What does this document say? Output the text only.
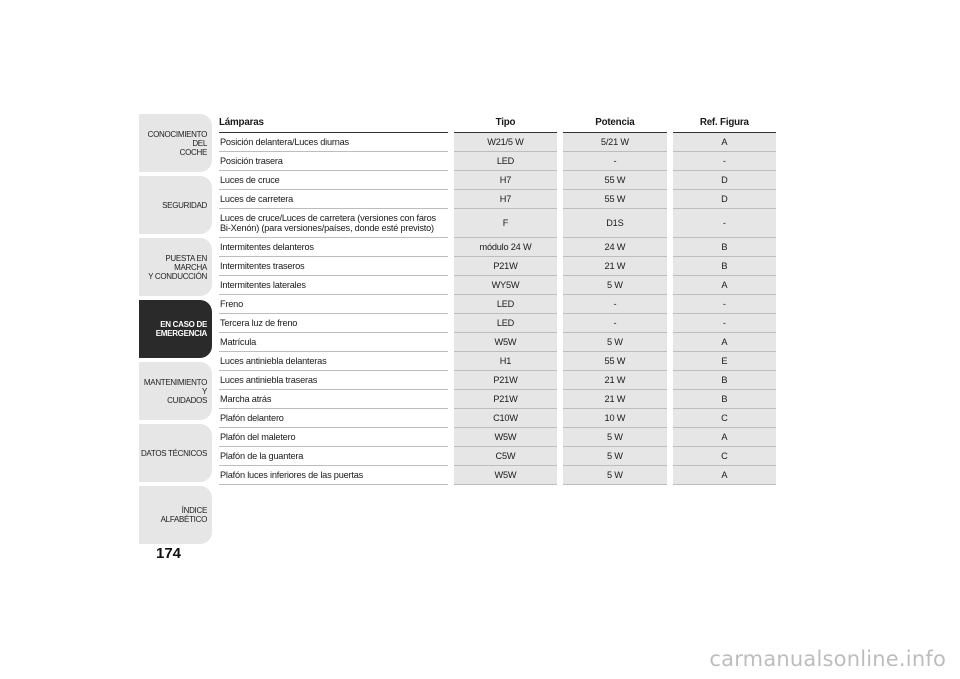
CONOCIMIENTO DEL
COCHE
SEGURIDAD
PUESTA EN MARCHA
Y CONDUCCIÓN
EN CASO DE
EMERGENCIA
MANTENIMIENTO Y
CUIDADOS
DATOS TÉCNICOS
ÍNDICE ALFABÉTICO
174
Lámparas	Tipo	Potencia	Ref. Figura
Posición delantera/Luces diurnas	W21/5 W	5/21 W	A
Posición trasera	LED	-	-
Luces de cruce	H7	55 W	D
Luces de carretera	H7	55 W	D
Luces de cruce/Luces de carretera (versiones con faros
Bi-Xenón) (para versiones/países, donde esté previsto)	F	D1S	-
Intermitentes delanteros	módulo 24 W	24 W	B
Intermitentes traseros	P21W	21 W	B
Intermitentes laterales	WY5W	5 W	A
Freno	LED	-	-
Tercera luz de freno	LED	-	-
Matrícula	W5W	5 W	A
Luces antiniebla delanteras	H1	55 W	E
Luces antiniebla traseras	P21W	21 W	B
Marcha atrás	P21W	21 W	B
Plafón delantero	C10W	10 W	C
Plafón del maletero	W5W	5 W	A
Plafón de la guantera	C5W	5 W	C
Plafón luces inferiores de las puertas	W5W	5 W	A
carmanualsonline.info
